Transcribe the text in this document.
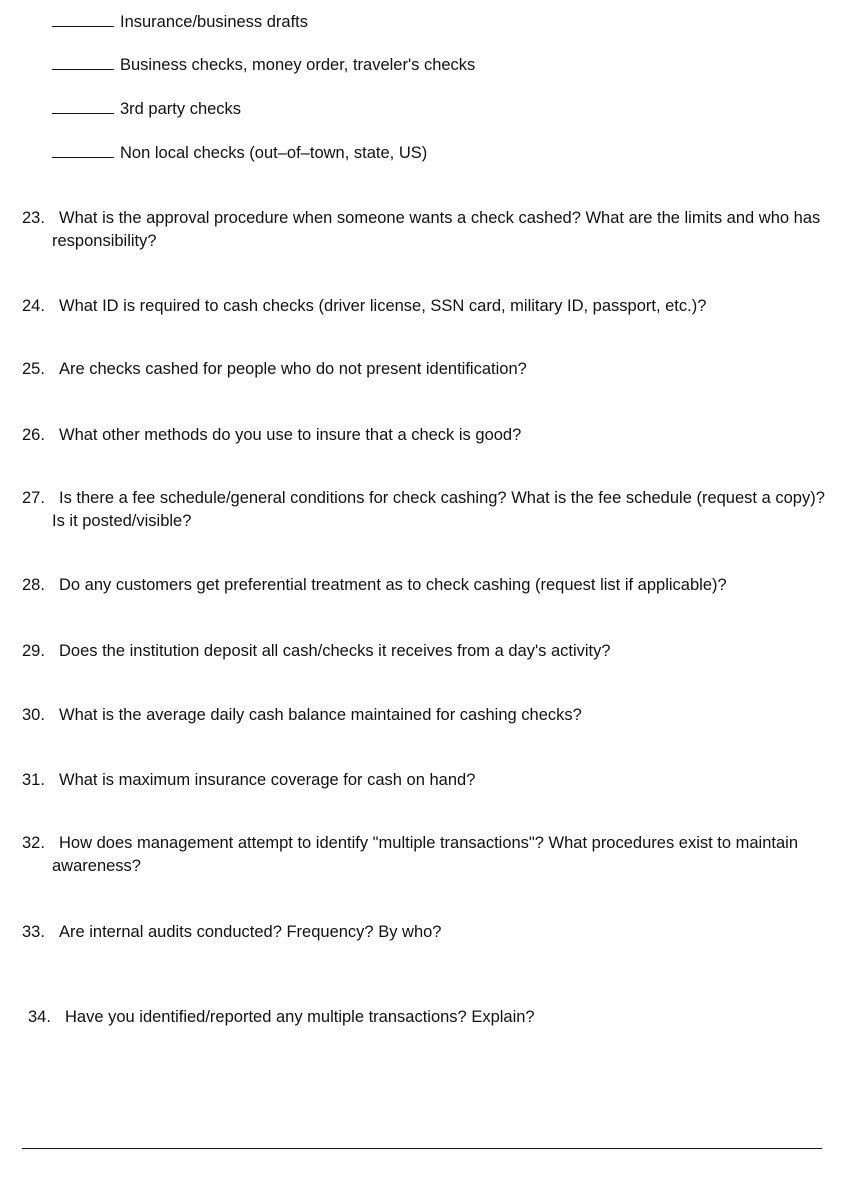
Insurance/business drafts
Business checks, money order, traveler's checks
3rd party checks
Non local checks (out–of–town, state, US)
23. What is the approval procedure when someone wants a check cashed? What are the limits and who has responsibility?
24. What ID is required to cash checks (driver license, SSN card, military ID, passport, etc.)?
25. Are checks cashed for people who do not present identification?
26. What other methods do you use to insure that a check is good?
27. Is there a fee schedule/general conditions for check cashing? What is the fee schedule (request a copy)? Is it posted/visible?
28. Do any customers get preferential treatment as to check cashing (request list if applicable)?
29. Does the institution deposit all cash/checks it receives from a day's activity?
30. What is the average daily cash balance maintained for cashing checks?
31. What is maximum insurance coverage for cash on hand?
32. How does management attempt to identify "multiple transactions"? What procedures exist to maintain awareness?
33. Are internal audits conducted? Frequency? By who?
34. Have you identified/reported any multiple transactions? Explain?
